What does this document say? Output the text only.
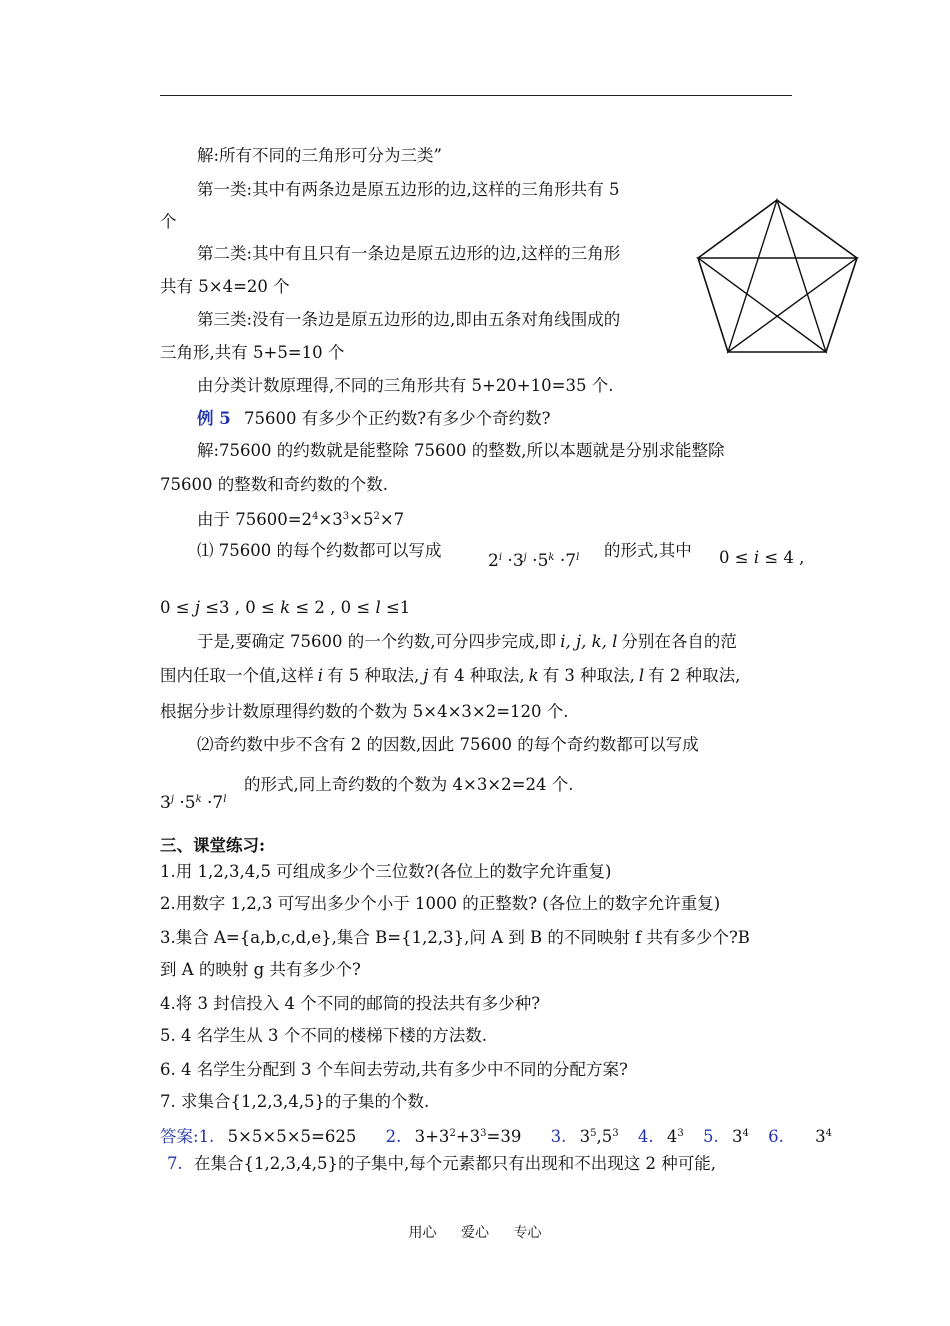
解:所有不同的三角形可分为三类”
第一类:其中有两条边是原五边形的边,这样的三角形共有 5
个
第二类:其中有且只有一条边是原五边形的边,这样的三角形
共有 5×4=20 个
第三类:没有一条边是原五边形的边,即由五条对角线围成的
三角形,共有 5+5=10 个
由分类计数原理得,不同的三角形共有 5+20+10=35 个.
例 5 75600 有多少个正约数?有多少个奇约数?
解:75600 的约数就是能整除 75600 的整数,所以本题就是分别求能整除
75600 的整数和奇约数的个数.
由于 $75600=2^4\times 3^3\times 5^2\times 7$
⑴ 75600 的每个约数都可以写成
$2^i \cdot 3^j \cdot 5^k \cdot 7^l$ 的形式,其中 0 ≤ i ≤ 4 ,
0 ≤ j ≤3 , 0 ≤ k ≤ 2 , 0 ≤ l ≤1
于是,要确定 75600 的一个约数,可分四步完成,即 i, j, k, l 分别在各自的范
围内任取一个值,这样 i 有 5 种取法, j 有 4 种取法, k 有 3 种取法, l 有 2 种取法,
根据分步计数原理得约数的个数为 5×4×3×2=120 个.
⑵奇约数中步不含有 2 的因数,因此 75600 的每个奇约数都可以写成
$3^j \cdot 5^k \cdot 7^l$
的形式,同上奇约数的个数为 4×3×2=24 个.
三、课堂练习:
1.用 1,2,3,4,5 可组成多少个三位数?(各位上的数字允许重复)
2.用数字 1,2,3 可写出多少个小于 1000 的正整数? (各位上的数字允许重复)
3.集合 A={a,b,c,d,e},集合 B={1,2,3},问 A 到 B 的不同映射 f 共有多少个?B
到 A 的映射 g 共有多少个?
4.将 3 封信投入 4 个不同的邮筒的投法共有多少种?
5. 4 名学生从 3 个不同的楼梯下楼的方法数.
6. 4 名学生分配到 3 个车间去劳动,共有多少中不同的分配方案?
7. 求集合{1,2,3,4,5}的子集的个数.
答案:1. 5×5×5×5=625 2. $3+3^2+3^3=39$ 3. $3^5,5^3$ 4. $4^3$ 5. $3^4$ 6. $3^4$
7. 在集合{1,2,3,4,5}的子集中,每个元素都只有出现和不出现这 2 种可能,
用心 爱心 专心
